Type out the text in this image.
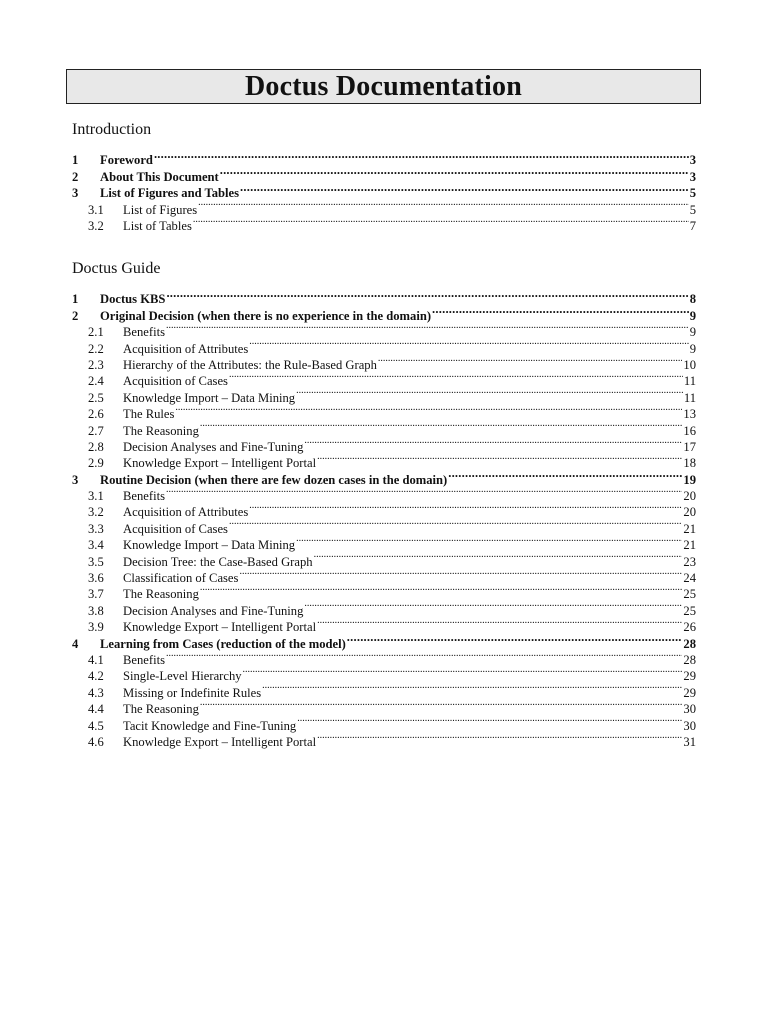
Doctus Documentation
Introduction
1	Foreword .....	3
2	About This Document .....	3
3	List of Figures and Tables .....	5
3.1	List of Figures .....	5
3.2	List of Tables .....	7
Doctus Guide
1	Doctus KBS .....	8
2	Original Decision (when there is no experience in the domain) .....	9
2.1	Benefits .....	9
2.2	Acquisition of Attributes .....	9
2.3	Hierarchy of the Attributes: the Rule-Based Graph .....	10
2.4	Acquisition of Cases .....	11
2.5	Knowledge Import – Data Mining .....	11
2.6	The Rules .....	13
2.7	The Reasoning .....	16
2.8	Decision Analyses and Fine-Tuning .....	17
2.9	Knowledge Export – Intelligent Portal .....	18
3	Routine Decision (when there are few dozen cases in the domain) .....	19
3.1	Benefits .....	20
3.2	Acquisition of Attributes .....	20
3.3	Acquisition of Cases .....	21
3.4	Knowledge Import – Data Mining .....	21
3.5	Decision Tree: the Case-Based Graph .....	23
3.6	Classification of Cases .....	24
3.7	The Reasoning .....	25
3.8	Decision Analyses and Fine-Tuning .....	25
3.9	Knowledge Export – Intelligent Portal .....	26
4	Learning from Cases (reduction of the model) .....	28
4.1	Benefits .....	28
4.2	Single-Level Hierarchy .....	29
4.3	Missing or Indefinite Rules .....	29
4.4	The Reasoning .....	30
4.5	Tacit Knowledge and Fine-Tuning .....	30
4.6	Knowledge Export – Intelligent Portal .....	31
